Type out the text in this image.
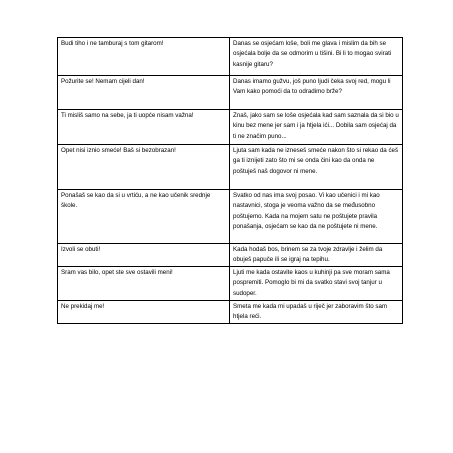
Budi tiho i ne tamburaj s tom gitarom!	Danas se osjećam loše, boli me glava i mislim da bih se osjećala bolje da se odmorim u tišini. Bi li to mogao svirati kasnije gitaru?
Požurite se! Nemam cijeli dan!	Danas imamo gužvu, još puno ljudi čeka svoj red, mogu li Vam kako pomoći da to odradimo brže?
Ti misliš samo na sebe, ja ti uopće nisam važna!	Znaš, jako sam se loše osjećala kad sam saznala da si bio u kinu bez mene jer sam i ja htjela ići... Dobila sam osjećaj da ti ne značim puno...
Opet nisi iznio smeće! Baš si bezobrazan!	Ljuta sam kada ne izneseš smeće nakon što si rekao da ćeš ga ti iznijeti zato što mi se onda čini kao da onda ne poštuješ naš dogovor ni mene.
Ponašaš se kao da si u vrtiću, a ne kao učenik srednje škole.	Svatko od nas ima svoj posao. Vi kao učenici i mi kao nastavnici, stoga je veoma važno da se međusobno poštujemo. Kada na mojem satu ne poštujete pravila ponašanja, osjećam se kao da ne poštujete ni mene.
Izvoli se obuti!	Kada hodaš bos, brinem se za tvoje zdravlje i želim da obuješ papuče ili se igraj na tepihu.
Sram vas bilo, opet ste sve ostavili meni!	Ljuti me kada ostavite kaos u kuhinji pa sve moram sama pospremiti. Pomoglo bi mi da svatko stavi svoj tanjur u sudoper.
Ne prekidaj me!	Smeta me kada mi upadaš u riječ jer zaboravim što sam htjela reći.
